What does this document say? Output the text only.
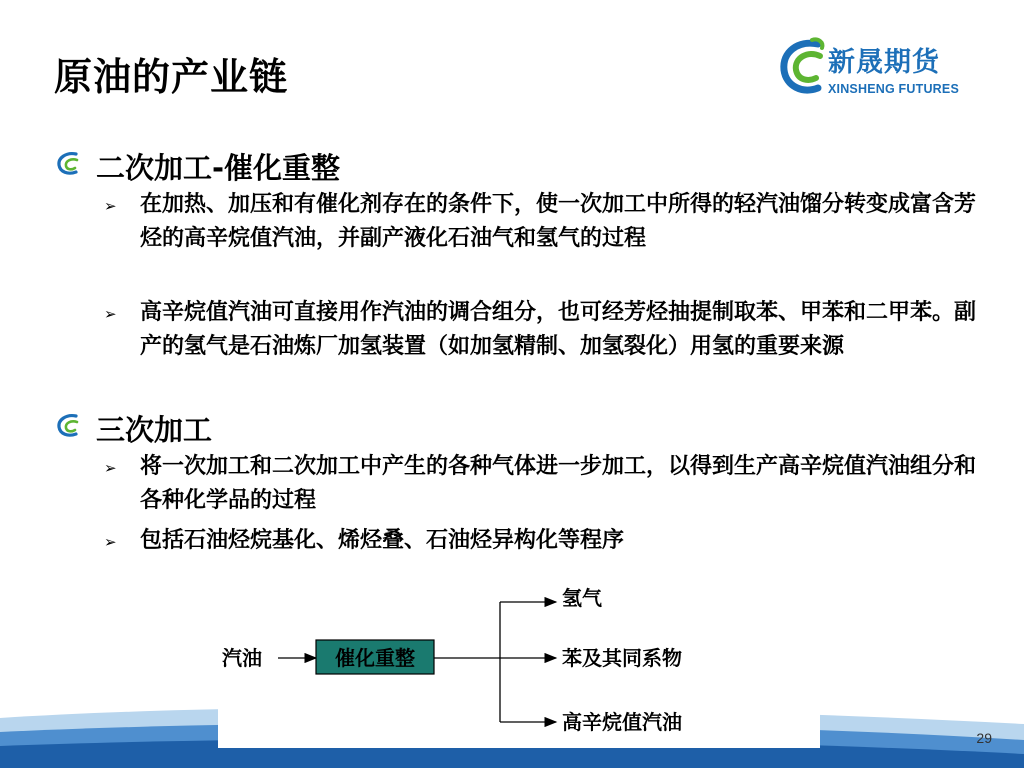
原油的产业链	新晟期货
XINSHENG FUTURES
二次加工-催化重整
➢ 在加热、加压和有催化剂存在的条件下，使一次加工中所得的轻汽油馏分转变成富含芳烃的高辛烷值汽油，并副产液化石油气和氢气的过程
➢ 高辛烷值汽油可直接用作汽油的调合组分，也可经芳烃抽提制取苯、甲苯和二甲苯。副产的氢气是石油炼厂加氢装置（如加氢精制、加氢裂化）用氢的重要来源
三次加工
➢ 将一次加工和二次加工中产生的各种气体进一步加工，以得到生产高辛烷值汽油组分和各种化学品的过程
➢ 包括石油烃烷基化、烯烃叠、石油烃异构化等程序
汽油	催化重整
氢气
苯及其同系物
高辛烷值汽油
29
